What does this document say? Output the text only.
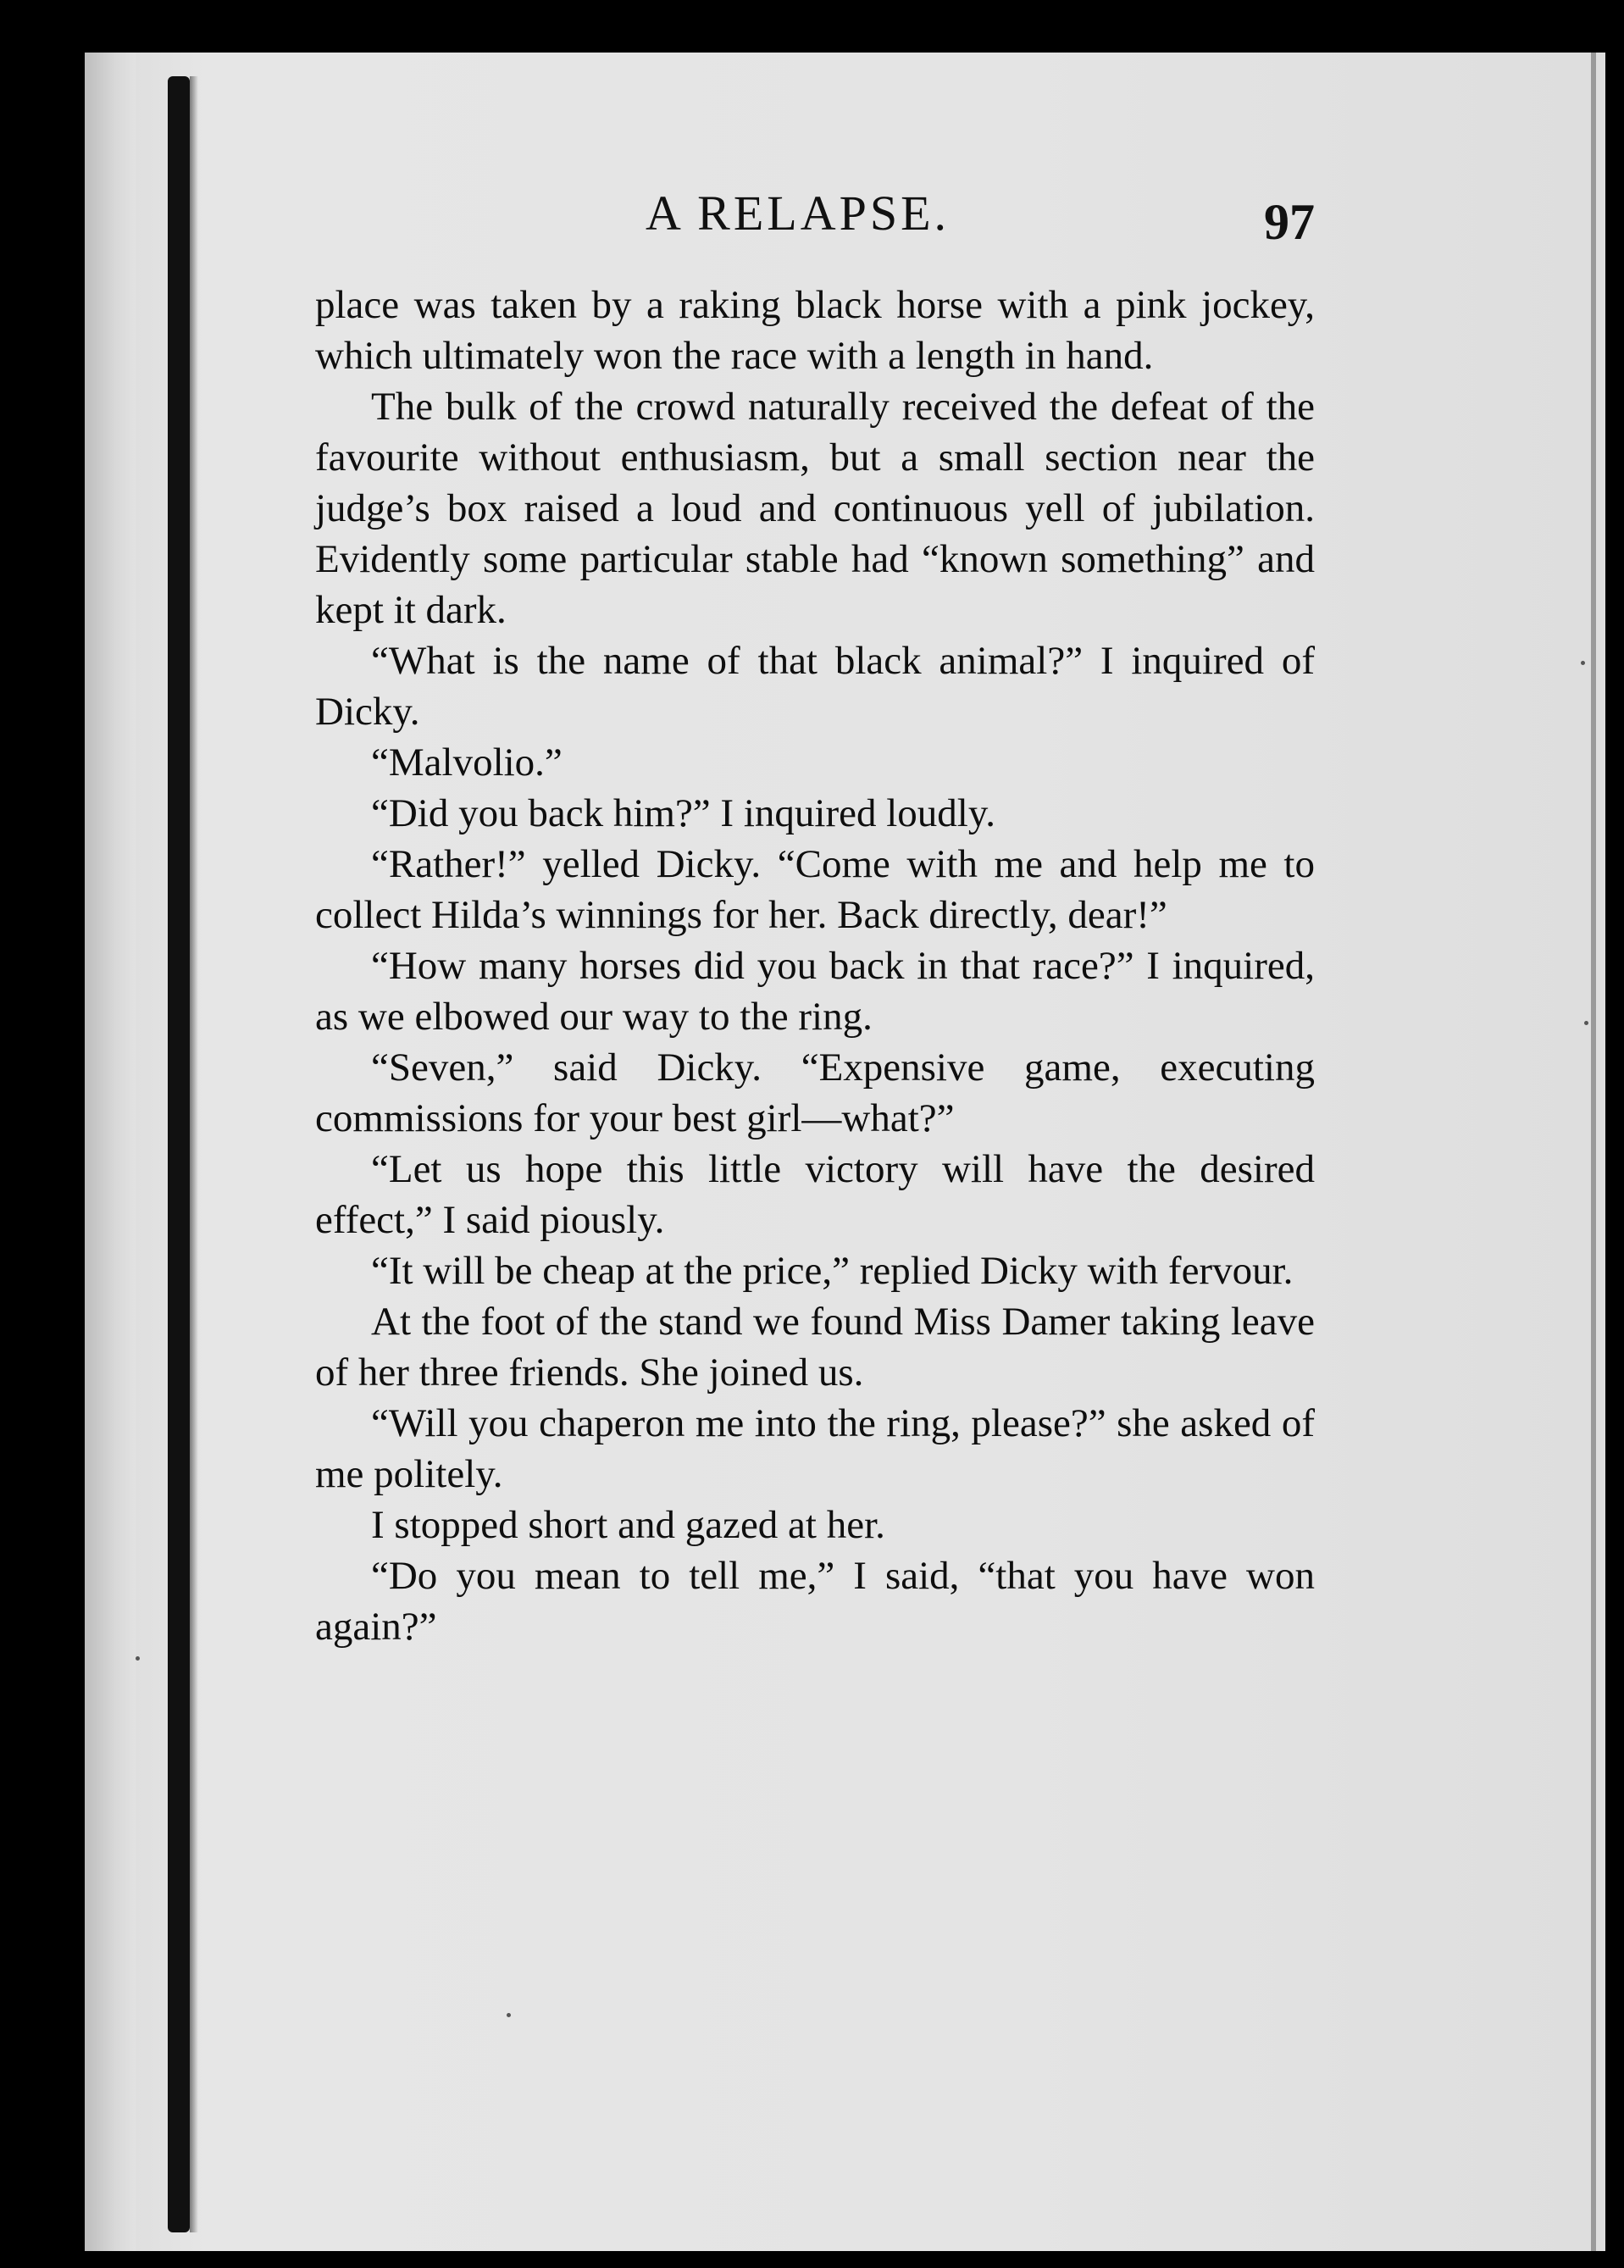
A RELAPSE.	97

place was taken by a raking black horse with a pink jockey, which ultimately won the race with a length in hand.

The bulk of the crowd naturally received the defeat of the favourite without enthusiasm, but a small section near the judge’s box raised a loud and continuous yell of jubilation. Evidently some particular stable had “known something” and kept it dark.

“What is the name of that black animal?” I inquired of Dicky.

“Malvolio.”

“Did you back him?” I inquired loudly.

“Rather!” yelled Dicky. “Come with me and help me to collect Hilda’s winnings for her. Back directly, dear!”

“How many horses did you back in that race?” I inquired, as we elbowed our way to the ring.

“Seven,” said Dicky. “Expensive game, executing commissions for your best girl—what?”

“Let us hope this little victory will have the desired effect,” I said piously.

“It will be cheap at the price,” replied Dicky with fervour.

At the foot of the stand we found Miss Damer taking leave of her three friends. She joined us.

“Will you chaperon me into the ring, please?” she asked of me politely.

I stopped short and gazed at her.

“Do you mean to tell me,” I said, “that you have won again?”
